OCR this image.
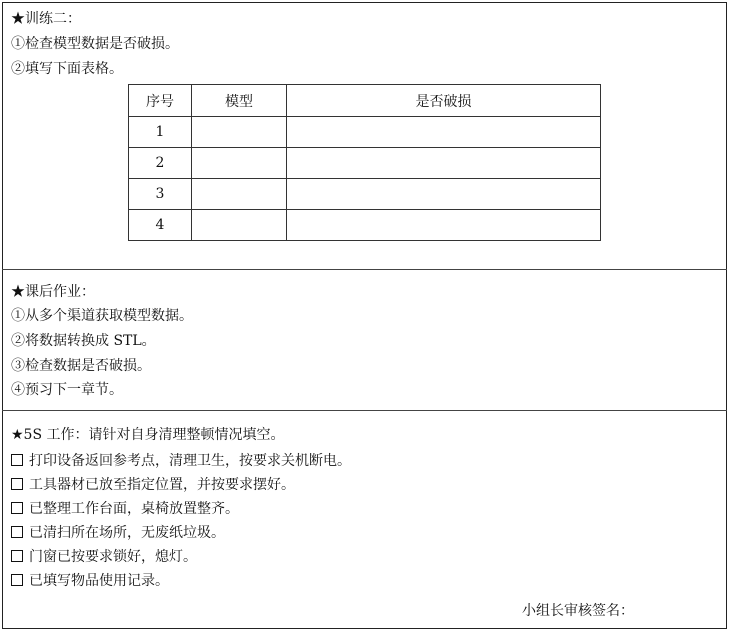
★训练二：
①检查模型数据是否破损。
②填写下面表格。
序号	模型	是否破损
1		
2		
3		
4		
★课后作业：
①从多个渠道获取模型数据。
②将数据转换成 STL。
③检查数据是否破损。
④预习下一章节。
★5S 工作：请针对自身清理整顿情况填空。
打印设备返回参考点，清理卫生，按要求关机断电。
工具器材已放至指定位置，并按要求摆好。
已整理工作台面，桌椅放置整齐。
已清扫所在场所，无废纸垃圾。
门窗已按要求锁好，熄灯。
已填写物品使用记录。
小组长审核签名：
